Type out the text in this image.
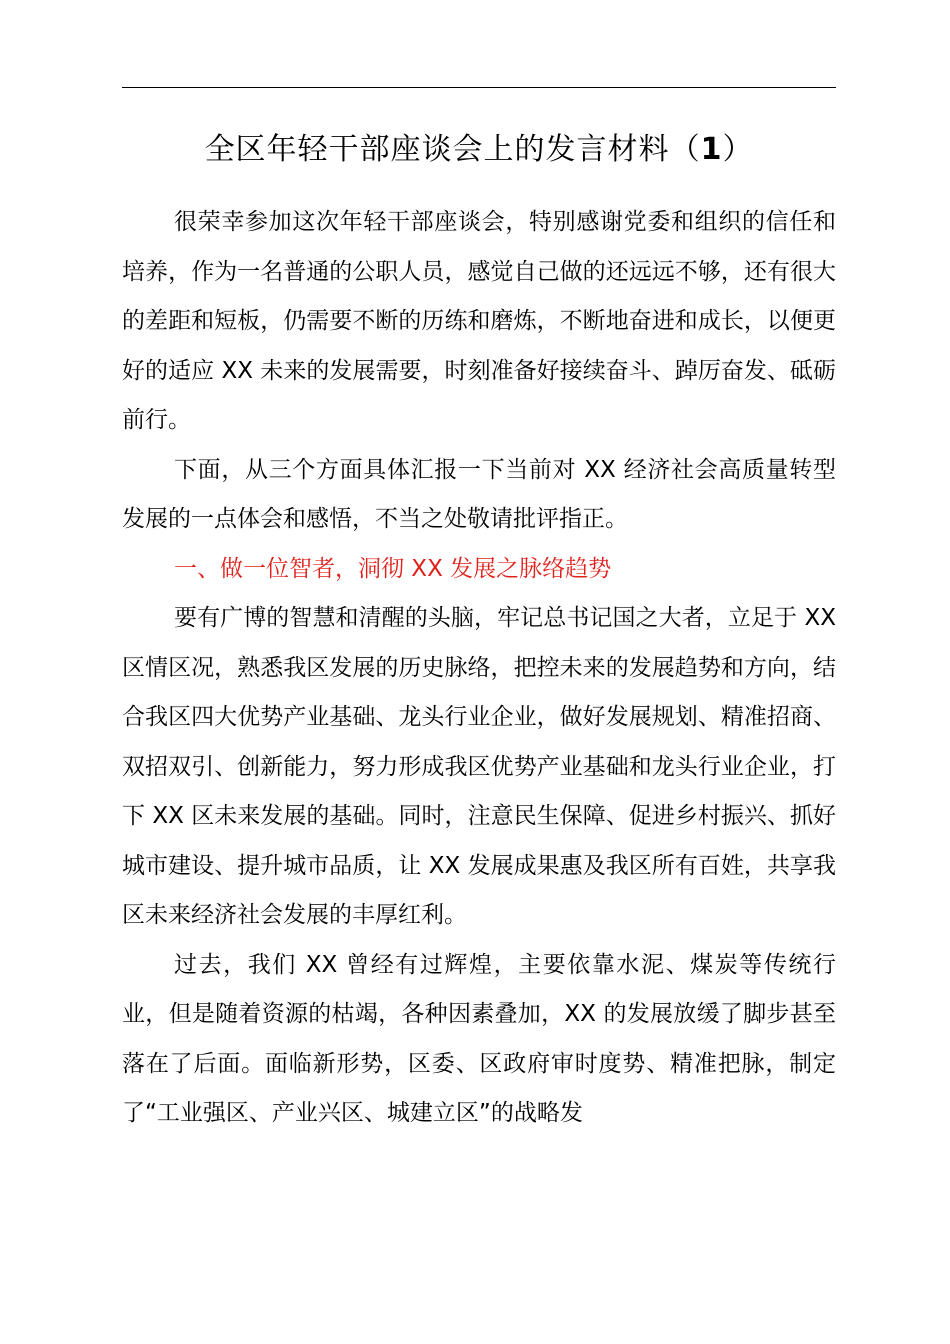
全区年轻干部座谈会上的发言材料（1）

很荣幸参加这次年轻干部座谈会，特别感谢党委和组织的信任和培养，作为一名普通的公职人员，感觉自己做的还远远不够，还有很大的差距和短板，仍需要不断的历练和磨炼，不断地奋进和成长，以便更好的适应 XX 未来的发展需要，时刻准备好接续奋斗、踔厉奋发、砥砺前行。

下面，从三个方面具体汇报一下当前对 XX 经济社会高质量转型发展的一点体会和感悟，不当之处敬请批评指正。

一、做一位智者，洞彻 XX 发展之脉络趋势

要有广博的智慧和清醒的头脑，牢记总书记国之大者，立足于 XX 区情区况，熟悉我区发展的历史脉络，把控未来的发展趋势和方向，结合我区四大优势产业基础、龙头行业企业，做好发展规划、精准招商、双招双引、创新能力，努力形成我区优势产业基础和龙头行业企业，打下 XX 区未来发展的基础。同时，注意民生保障、促进乡村振兴、抓好城市建设、提升城市品质，让 XX 发展成果惠及我区所有百姓，共享我区未来经济社会发展的丰厚红利。

过去，我们 XX 曾经有过辉煌，主要依靠水泥、煤炭等传统行业，但是随着资源的枯竭，各种因素叠加，XX 的发展放缓了脚步甚至落在了后面。面临新形势，区委、区政府审时度势、精准把脉，制定了“工业强区、产业兴区、城建立区”的战略发
